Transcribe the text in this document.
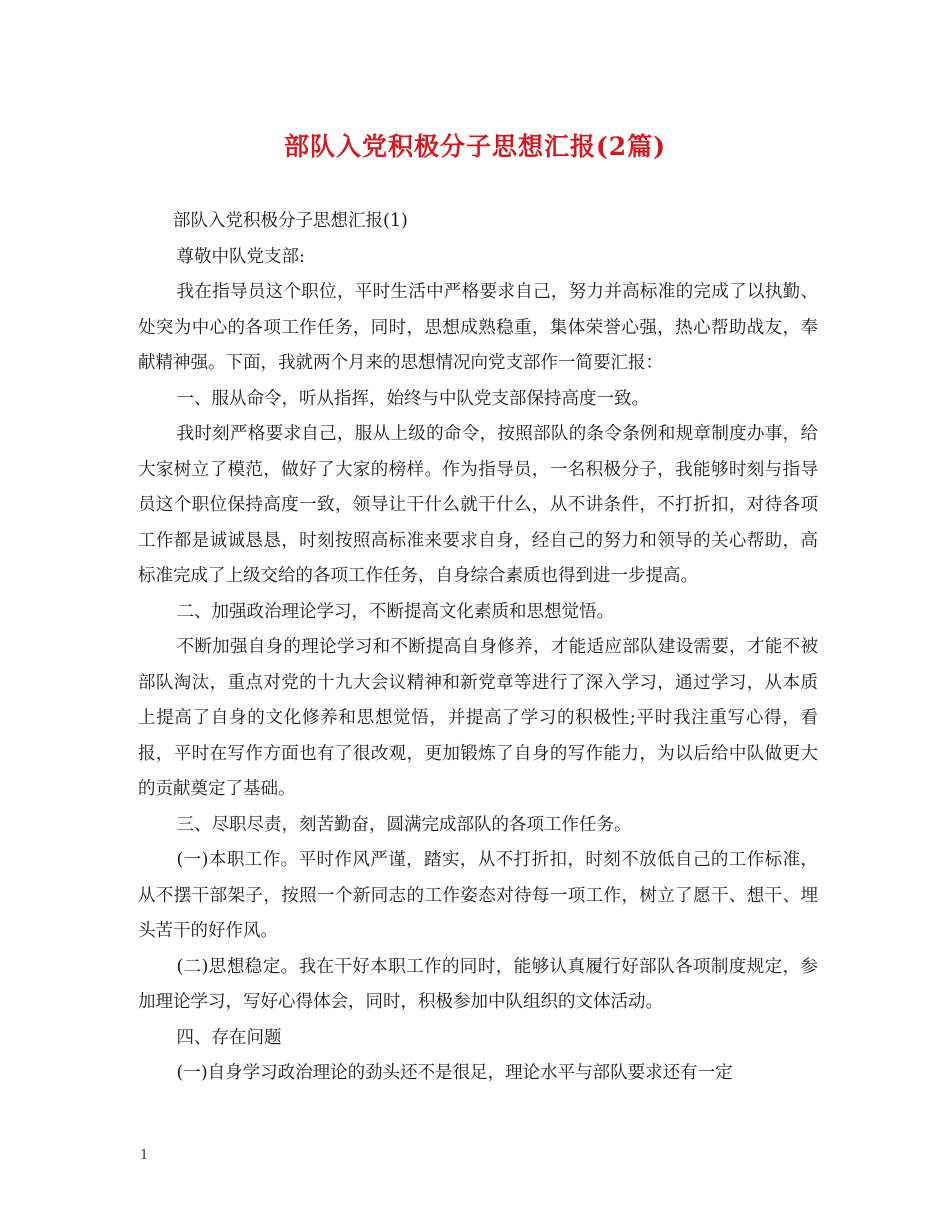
部队入党积极分子思想汇报(2篇)

部队入党积极分子思想汇报(1)

尊敬中队党支部:

我在指导员这个职位，平时生活中严格要求自己，努力并高标准的完成了以执勤、处突为中心的各项工作任务，同时，思想成熟稳重，集体荣誉心强，热心帮助战友，奉献精神强。下面，我就两个月来的思想情况向党支部作一简要汇报：

一、服从命令，听从指挥，始终与中队党支部保持高度一致。

我时刻严格要求自己，服从上级的命令，按照部队的条令条例和规章制度办事，给大家树立了模范，做好了大家的榜样。作为指导员，一名积极分子，我能够时刻与指导员这个职位保持高度一致，领导让干什么就干什么，从不讲条件，不打折扣，对待各项工作都是诚诚恳恳，时刻按照高标准来要求自身，经自己的努力和领导的关心帮助，高标准完成了上级交给的各项工作任务，自身综合素质也得到进一步提高。

二、加强政治理论学习，不断提高文化素质和思想觉悟。

不断加强自身的理论学习和不断提高自身修养，才能适应部队建设需要，才能不被部队淘汰，重点对党的十九大会议精神和新党章等进行了深入学习，通过学习，从本质上提高了自身的文化修养和思想觉悟，并提高了学习的积极性;平时我注重写心得，看报，平时在写作方面也有了很改观，更加锻炼了自身的写作能力，为以后给中队做更大的贡献奠定了基础。

三、尽职尽责，刻苦勤奋，圆满完成部队的各项工作任务。

(一)本职工作。平时作风严谨，踏实，从不打折扣，时刻不放低自己的工作标准，从不摆干部架子，按照一个新同志的工作姿态对待每一项工作，树立了愿干、想干、埋头苦干的好作风。

(二)思想稳定。我在干好本职工作的同时，能够认真履行好部队各项制度规定，参加理论学习，写好心得体会，同时，积极参加中队组织的文体活动。

四、存在问题

(一)自身学习政治理论的劲头还不是很足，理论水平与部队要求还有一定

1
